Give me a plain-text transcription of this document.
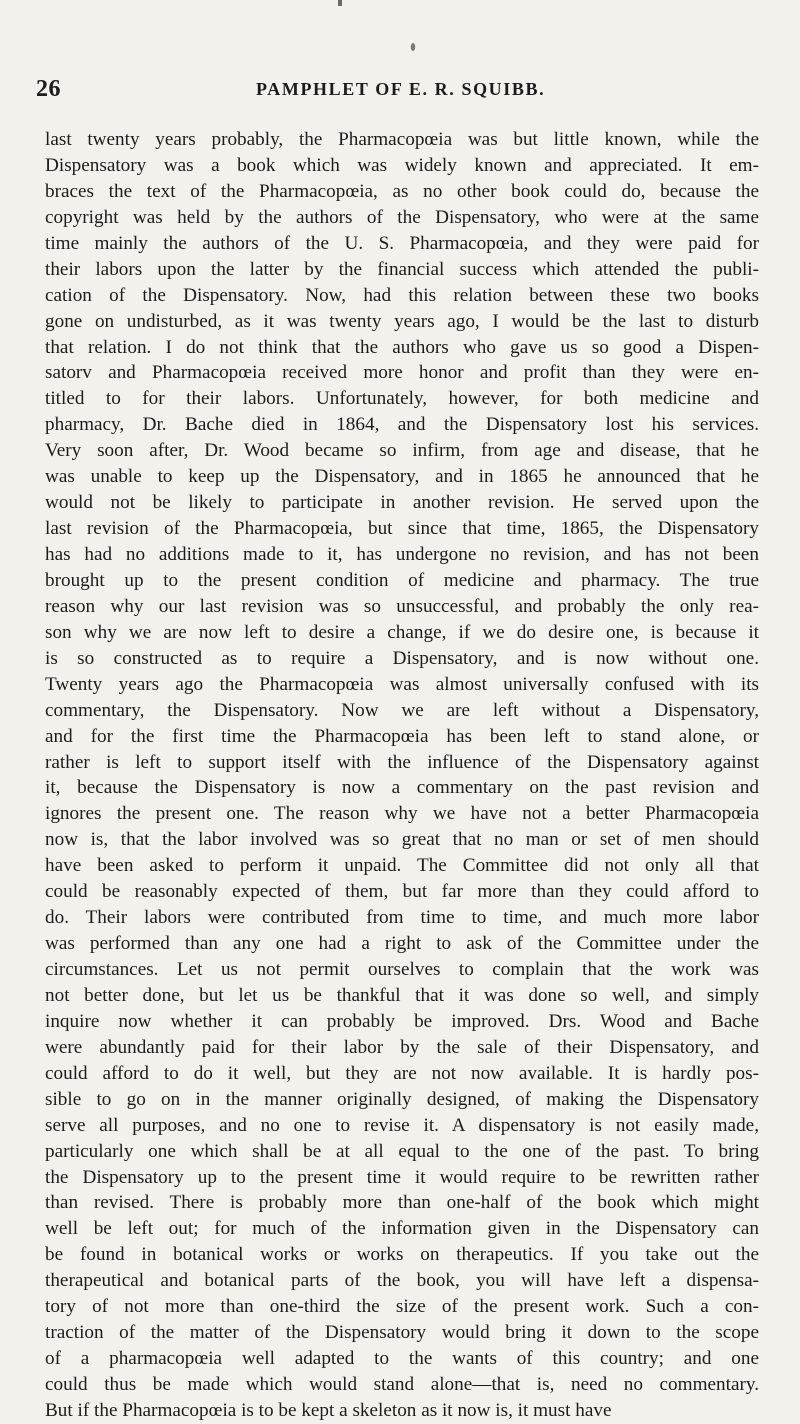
26	PAMPHLET OF E. R. SQUIBB.
last twenty years probably, the Pharmacopœia was but little known, while the
Dispensatory was a book which was widely known and appreciated. It em-
braces the text of the Pharmacopœia, as no other book could do, because the
copyright was held by the authors of the Dispensatory, who were at the same
time mainly the authors of the U. S. Pharmacopœia, and they were paid for
their labors upon the latter by the financial success which attended the publi-
cation of the Dispensatory. Now, had this relation between these two books
gone on undisturbed, as it was twenty years ago, I would be the last to disturb
that relation. I do not think that the authors who gave us so good a Dispen-
satorv and Pharmacopœia received more honor and profit than they were en-
titled to for their labors. Unfortunately, however, for both medicine and
pharmacy, Dr. Bache died in 1864, and the Dispensatory lost his services.
Very soon after, Dr. Wood became so infirm, from age and disease, that he
was unable to keep up the Dispensatory, and in 1865 he announced that he
would not be likely to participate in another revision. He served upon the
last revision of the Pharmacopœia, but since that time, 1865, the Dispensatory
has had no additions made to it, has undergone no revision, and has not been
brought up to the present condition of medicine and pharmacy. The true
reason why our last revision was so unsuccessful, and probably the only rea-
son why we are now left to desire a change, if we do desire one, is because it
is so constructed as to require a Dispensatory, and is now without one.
Twenty years ago the Pharmacopœia was almost universally confused with its
commentary, the Dispensatory. Now we are left without a Dispensatory,
and for the first time the Pharmacopœia has been left to stand alone, or
rather is left to support itself with the influence of the Dispensatory against
it, because the Dispensatory is now a commentary on the past revision and
ignores the present one. The reason why we have not a better Pharmacopœia
now is, that the labor involved was so great that no man or set of men should
have been asked to perform it unpaid. The Committee did not only all that
could be reasonably expected of them, but far more than they could afford to
do. Their labors were contributed from time to time, and much more labor
was performed than any one had a right to ask of the Committee under the
circumstances. Let us not permit ourselves to complain that the work was
not better done, but let us be thankful that it was done so well, and simply
inquire now whether it can probably be improved. Drs. Wood and Bache
were abundantly paid for their labor by the sale of their Dispensatory, and
could afford to do it well, but they are not now available. It is hardly pos-
sible to go on in the manner originally designed, of making the Dispensatory
serve all purposes, and no one to revise it. A dispensatory is not easily made,
particularly one which shall be at all equal to the one of the past. To bring
the Dispensatory up to the present time it would require to be rewritten rather
than revised. There is probably more than one-half of the book which might
well be left out; for much of the information given in the Dispensatory can
be found in botanical works or works on therapeutics. If you take out the
therapeutical and botanical parts of the book, you will have left a dispensa-
tory of not more than one-third the size of the present work. Such a con-
traction of the matter of the Dispensatory would bring it down to the scope
of a pharmacopœia well adapted to the wants of this country; and one
could thus be made which would stand alone—that is, need no commentary.
But if the Pharmacopœia is to be kept a skeleton as it now is, it must have
